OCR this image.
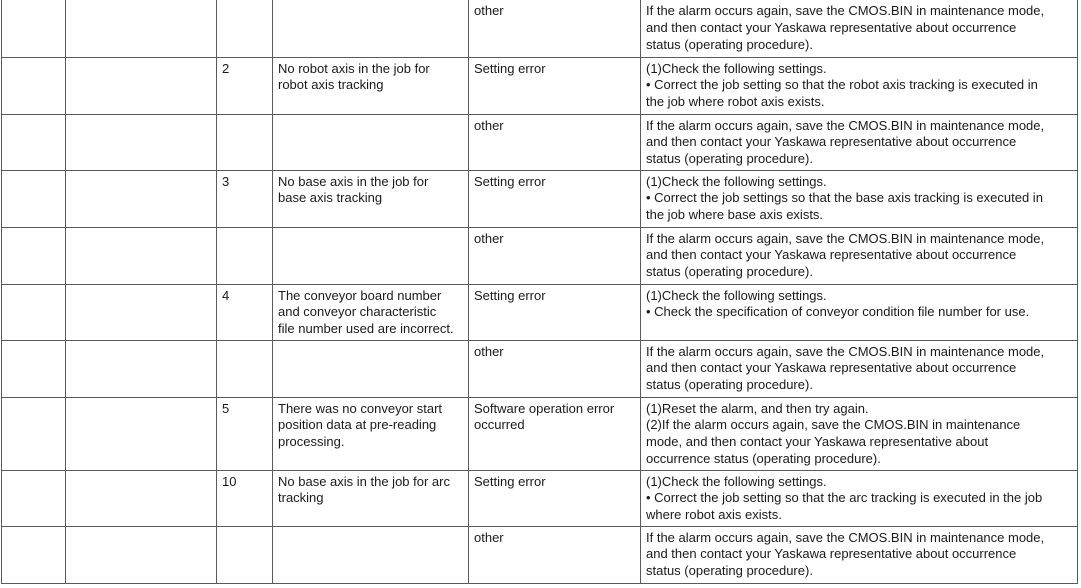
				other	If the alarm occurs again, save the CMOS.BIN in maintenance mode,
and then contact your Yaskawa representative about occurrence
status (operating procedure).

		2	No robot axis in the job for
robot axis tracking	Setting error	(1)Check the following settings.
• Correct the job setting so that the robot axis tracking is executed in
the job where robot axis exists.

				other	If the alarm occurs again, save the CMOS.BIN in maintenance mode,
and then contact your Yaskawa representative about occurrence
status (operating procedure).

		3	No base axis in the job for
base axis tracking	Setting error	(1)Check the following settings.
• Correct the job settings so that the base axis tracking is executed in
the job where base axis exists.

				other	If the alarm occurs again, save the CMOS.BIN in maintenance mode,
and then contact your Yaskawa representative about occurrence
status (operating procedure).

		4	The conveyor board number
and conveyor characteristic
file number used are incorrect.	Setting error	(1)Check the following settings.
• Check the specification of conveyor condition file number for use.

				other	If the alarm occurs again, save the CMOS.BIN in maintenance mode,
and then contact your Yaskawa representative about occurrence
status (operating procedure).

		5	There was no conveyor start
position data at pre-reading
processing.	Software operation error
occurred	(1)Reset the alarm, and then try again.
(2)If the alarm occurs again, save the CMOS.BIN in maintenance
mode, and then contact your Yaskawa representative about
occurrence status (operating procedure).

		10	No base axis in the job for arc
tracking	Setting error	(1)Check the following settings.
• Correct the job setting so that the arc tracking is executed in the job
where robot axis exists.

				other	If the alarm occurs again, save the CMOS.BIN in maintenance mode,
and then contact your Yaskawa representative about occurrence
status (operating procedure).
